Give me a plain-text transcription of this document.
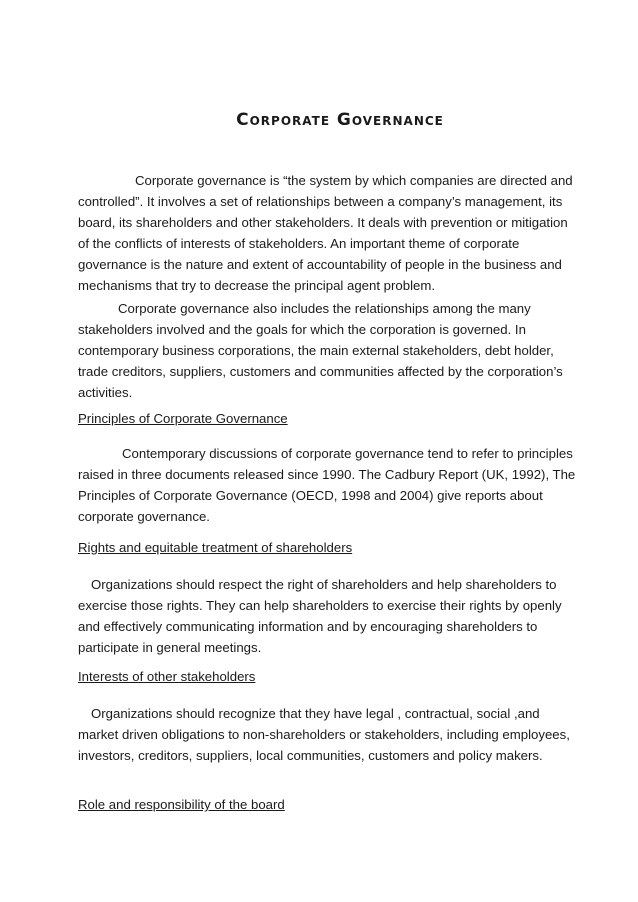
Corporate Governance
Corporate governance is “the system by which companies are directed and
controlled”. It involves a set of relationships between a company’s management, its
board, its shareholders and other stakeholders. It deals with prevention or mitigation
of the conflicts of interests of stakeholders. An important theme of corporate
governance is the nature and extent of accountability of people in the business and
mechanisms that try to decrease the principal agent problem.
Corporate governance also includes the relationships among the many
stakeholders involved and the goals for which the corporation is governed. In
contemporary business corporations, the main external stakeholders, debt holder,
trade creditors, suppliers, customers and communities affected by the corporation’s
activities.
Principles of Corporate Governance
Contemporary discussions of corporate governance tend to refer to principles
raised in three documents released since 1990. The Cadbury Report (UK, 1992), The
Principles of Corporate Governance (OECD, 1998 and 2004) give reports about
corporate governance.
Rights and equitable treatment of shareholders
Organizations should respect the right of shareholders and help shareholders to
exercise those rights. They can help shareholders to exercise their rights by openly
and effectively communicating information and by encouraging shareholders to
participate in general meetings.
Interests of other stakeholders
Organizations should recognize that they have legal , contractual, social ,and
market driven obligations to non-shareholders or stakeholders, including employees,
investors, creditors, suppliers, local communities, customers and policy makers.
Role and responsibility of the board
